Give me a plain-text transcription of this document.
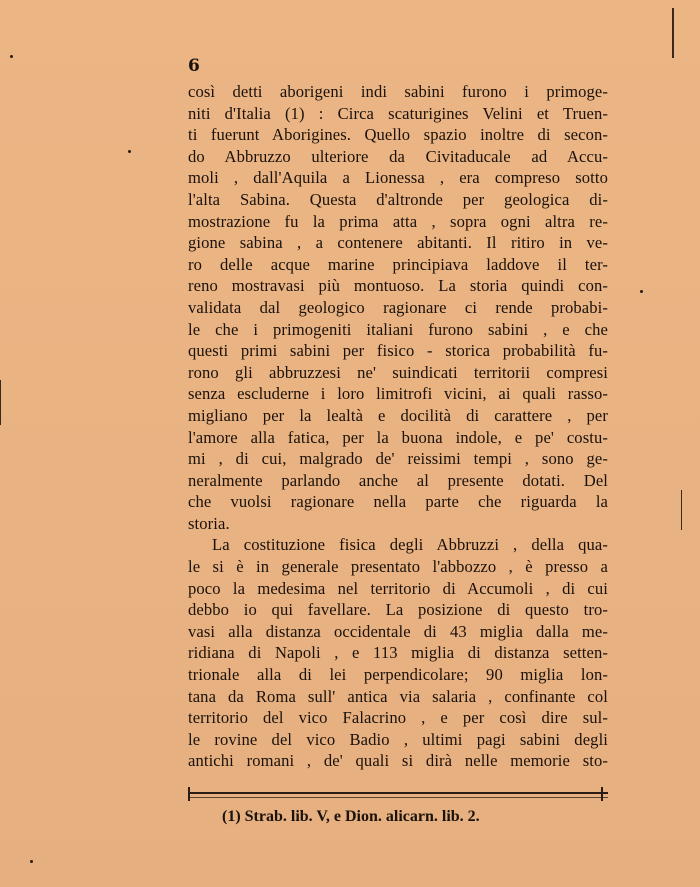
6
così detti aborigeni indi sabini furono i primoge-
niti d'Italia (1) : Circa scaturigines Velini et Truen-
ti fuerunt Aborigines. Quello spazio inoltre di secon-
do Abbruzzo ulteriore da Civitaducale ad Accu-
moli , dall'Aquila a Lionessa , era compreso sotto
l'alta Sabina. Questa d'altronde per geologica di-
mostrazione fu la prima atta , sopra ogni altra re-
gione sabina , a contenere abitanti. Il ritiro in ve-
ro delle acque marine principiava laddove il ter-
reno mostravasi più montuoso. La storia quindi con-
validata dal geologico ragionare ci rende probabi-
le che i primogeniti italiani furono sabini , e che
questi primi sabini per fisico - storica probabilità fu-
rono gli abbruzzesi ne' suindicati territorii compresi
senza escluderne i loro limitrofi vicini, ai quali rasso-
migliano per la lealtà e docilità di carattere , per
l'amore alla fatica, per la buona indole, e pe' costu-
mi , di cui, malgrado de' reissimi tempi , sono ge-
neralmente parlando anche al presente dotati. Del
che vuolsi ragionare nella parte che riguarda la
storia.
La costituzione fisica degli Abbruzzi , della qua-
le si è in generale presentato l'abbozzo , è presso a
poco la medesima nel territorio di Accumoli , di cui
debbo io qui favellare. La posizione di questo tro-
vasi alla distanza occidentale di 43 miglia dalla me-
ridiana di Napoli , e 113 miglia di distanza setten-
trionale alla di lei perpendicolare; 90 miglia lon-
tana da Roma sull' antica via salaria , confinante col
territorio del vico Falacrino , e per così dire sul-
le rovine del vico Badio , ultimi pagi sabini degli
antichi romani , de' quali si dirà nelle memorie sto-
(1) Strab. lib. V, e Dion. alicarn. lib. 2.
